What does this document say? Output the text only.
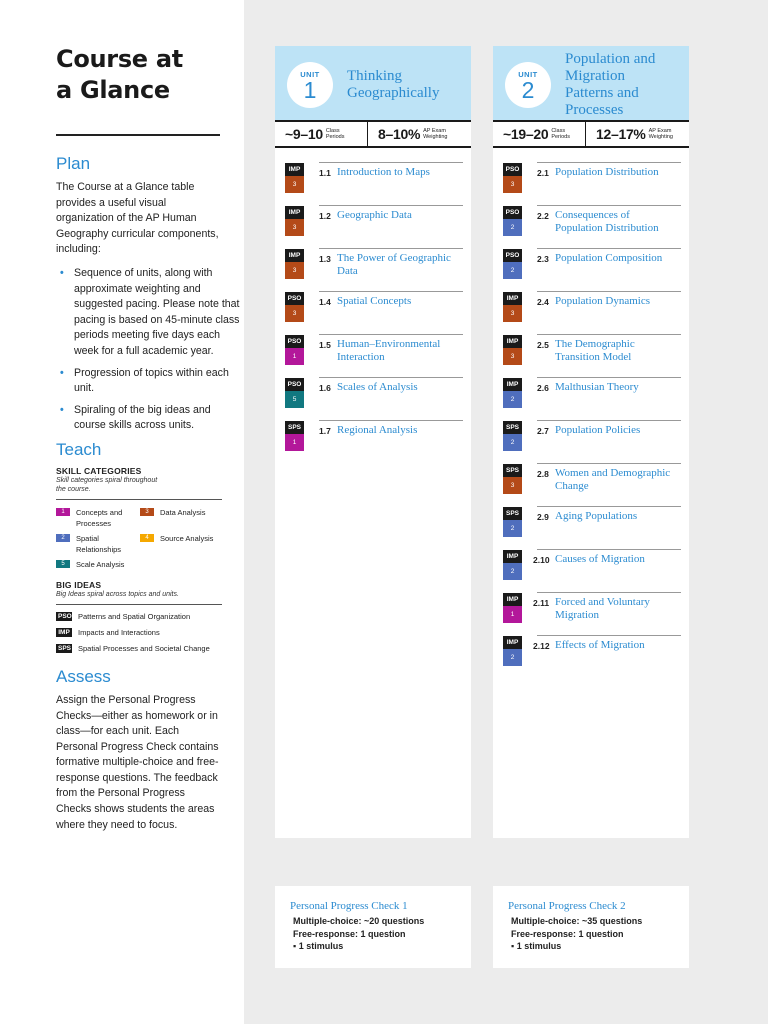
Course at
a Glance
Plan
The Course at a Glance table provides a useful visual organization of the AP Human Geography curricular components, including:
• Sequence of units, along with approximate weighting and suggested pacing. Please note that pacing is based on 45-minute class periods meeting five days each week for a full academic year.
• Progression of topics within each unit.
• Spiraling of the big ideas and course skills across units.
Teach
SKILL CATEGORIES
Skill categories spiral throughout the course.
1	Concepts and Processes
3	Data Analysis
2	Spatial Relationships
4	Source Analysis
5	Scale Analysis
BIG IDEAS
Big Ideas spiral across topics and units.
PSO Patterns and Spatial Organization
IMP Impacts and Interactions
SPS Spatial Processes and Societal Change
Assess
Assign the Personal Progress Checks—either as homework or in class—for each unit. Each Personal Progress Check contains formative multiple-choice and free-response questions. The feedback from the Personal Progress Checks shows students the areas where they need to focus.
UNIT
1
Thinking Geographically
~9–10 Class Periods	8–10% AP Exam Weighting
IMP
3
1.1 Introduction to Maps
IMP
3
1.2 Geographic Data
IMP
3
1.3 The Power of Geographic Data
PSO
3
1.4 Spatial Concepts
PSO
1
1.5 Human–Environmental Interaction
PSO
5
1.6 Scales of Analysis
SPS
1
1.7 Regional Analysis
UNIT
2
Population and Migration Patterns and Processes
~19–20 Class Periods	12–17% AP Exam Weighting
PSO
3
2.1 Population Distribution
PSO
2
2.2 Consequences of Population Distribution
PSO
2
2.3 Population Composition
IMP
3
2.4 Population Dynamics
IMP
3
2.5 The Demographic Transition Model
IMP
2
2.6 Malthusian Theory
SPS
2
2.7 Population Policies
SPS
3
2.8 Women and Demographic Change
SPS
2
2.9 Aging Populations
IMP
2
2.10 Causes of Migration
IMP
1
2.11 Forced and Voluntary Migration
IMP
2
2.12 Effects of Migration
Personal Progress Check 1
Multiple-choice: ~20 questions
Free-response: 1 question
▪ 1 stimulus
Personal Progress Check 2
Multiple-choice: ~35 questions
Free-response: 1 question
▪ 1 stimulus
